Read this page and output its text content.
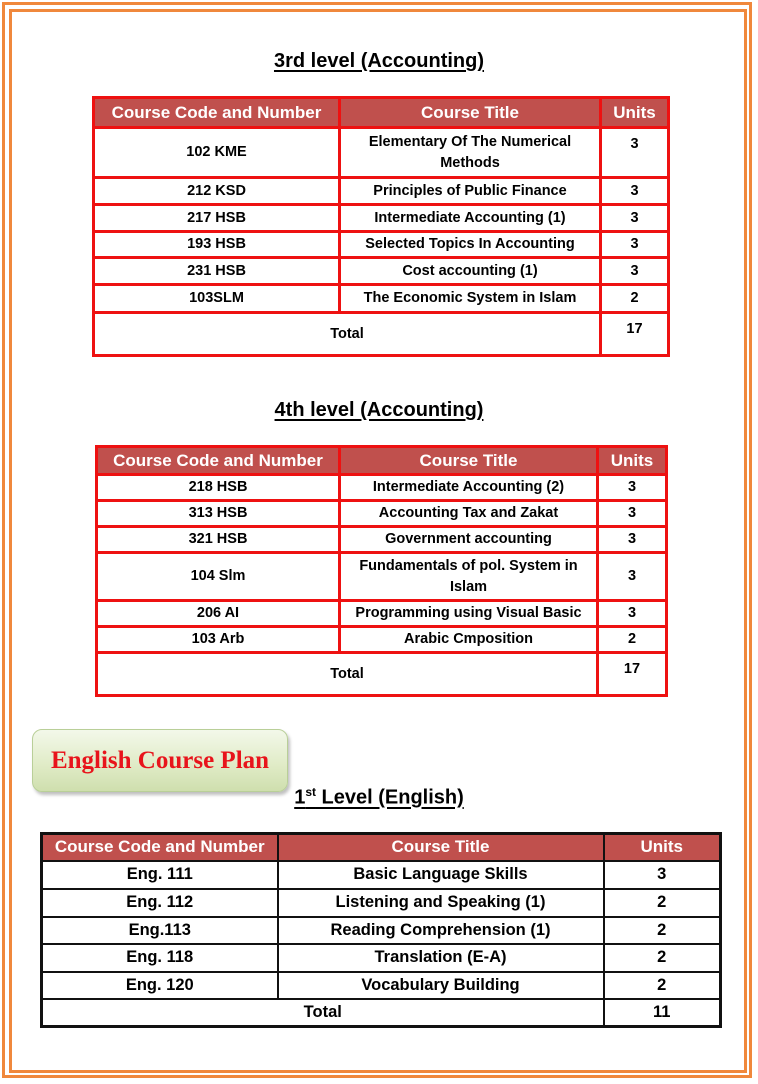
3rd level (Accounting)
Course Code and Number	Course Title	Units
102 KME	Elementary Of The Numerical Methods	3
212 KSD	Principles of Public Finance	3
217 HSB	Intermediate Accounting (1)	3
193 HSB	Selected Topics In Accounting	3
231 HSB	Cost accounting (1)	3
103SLM	The Economic System in Islam	2
Total		17
4th level (Accounting)
Course Code and Number	Course Title	Units
218 HSB	Intermediate Accounting (2)	3
313 HSB	Accounting Tax and Zakat	3
321 HSB	Government accounting	3
104 Slm	Fundamentals of pol. System in Islam	3
206 AI	Programming using Visual Basic	3
103 Arb	Arabic Cmposition	2
Total		17
English Course Plan
1st Level (English)
Course Code and Number	Course Title	Units
Eng. 111	Basic Language Skills	3
Eng. 112	Listening and Speaking (1)	2
Eng.113	Reading Comprehension (1)	2
Eng. 118	Translation (E-A)	2
Eng. 120	Vocabulary Building	2
Total		11
